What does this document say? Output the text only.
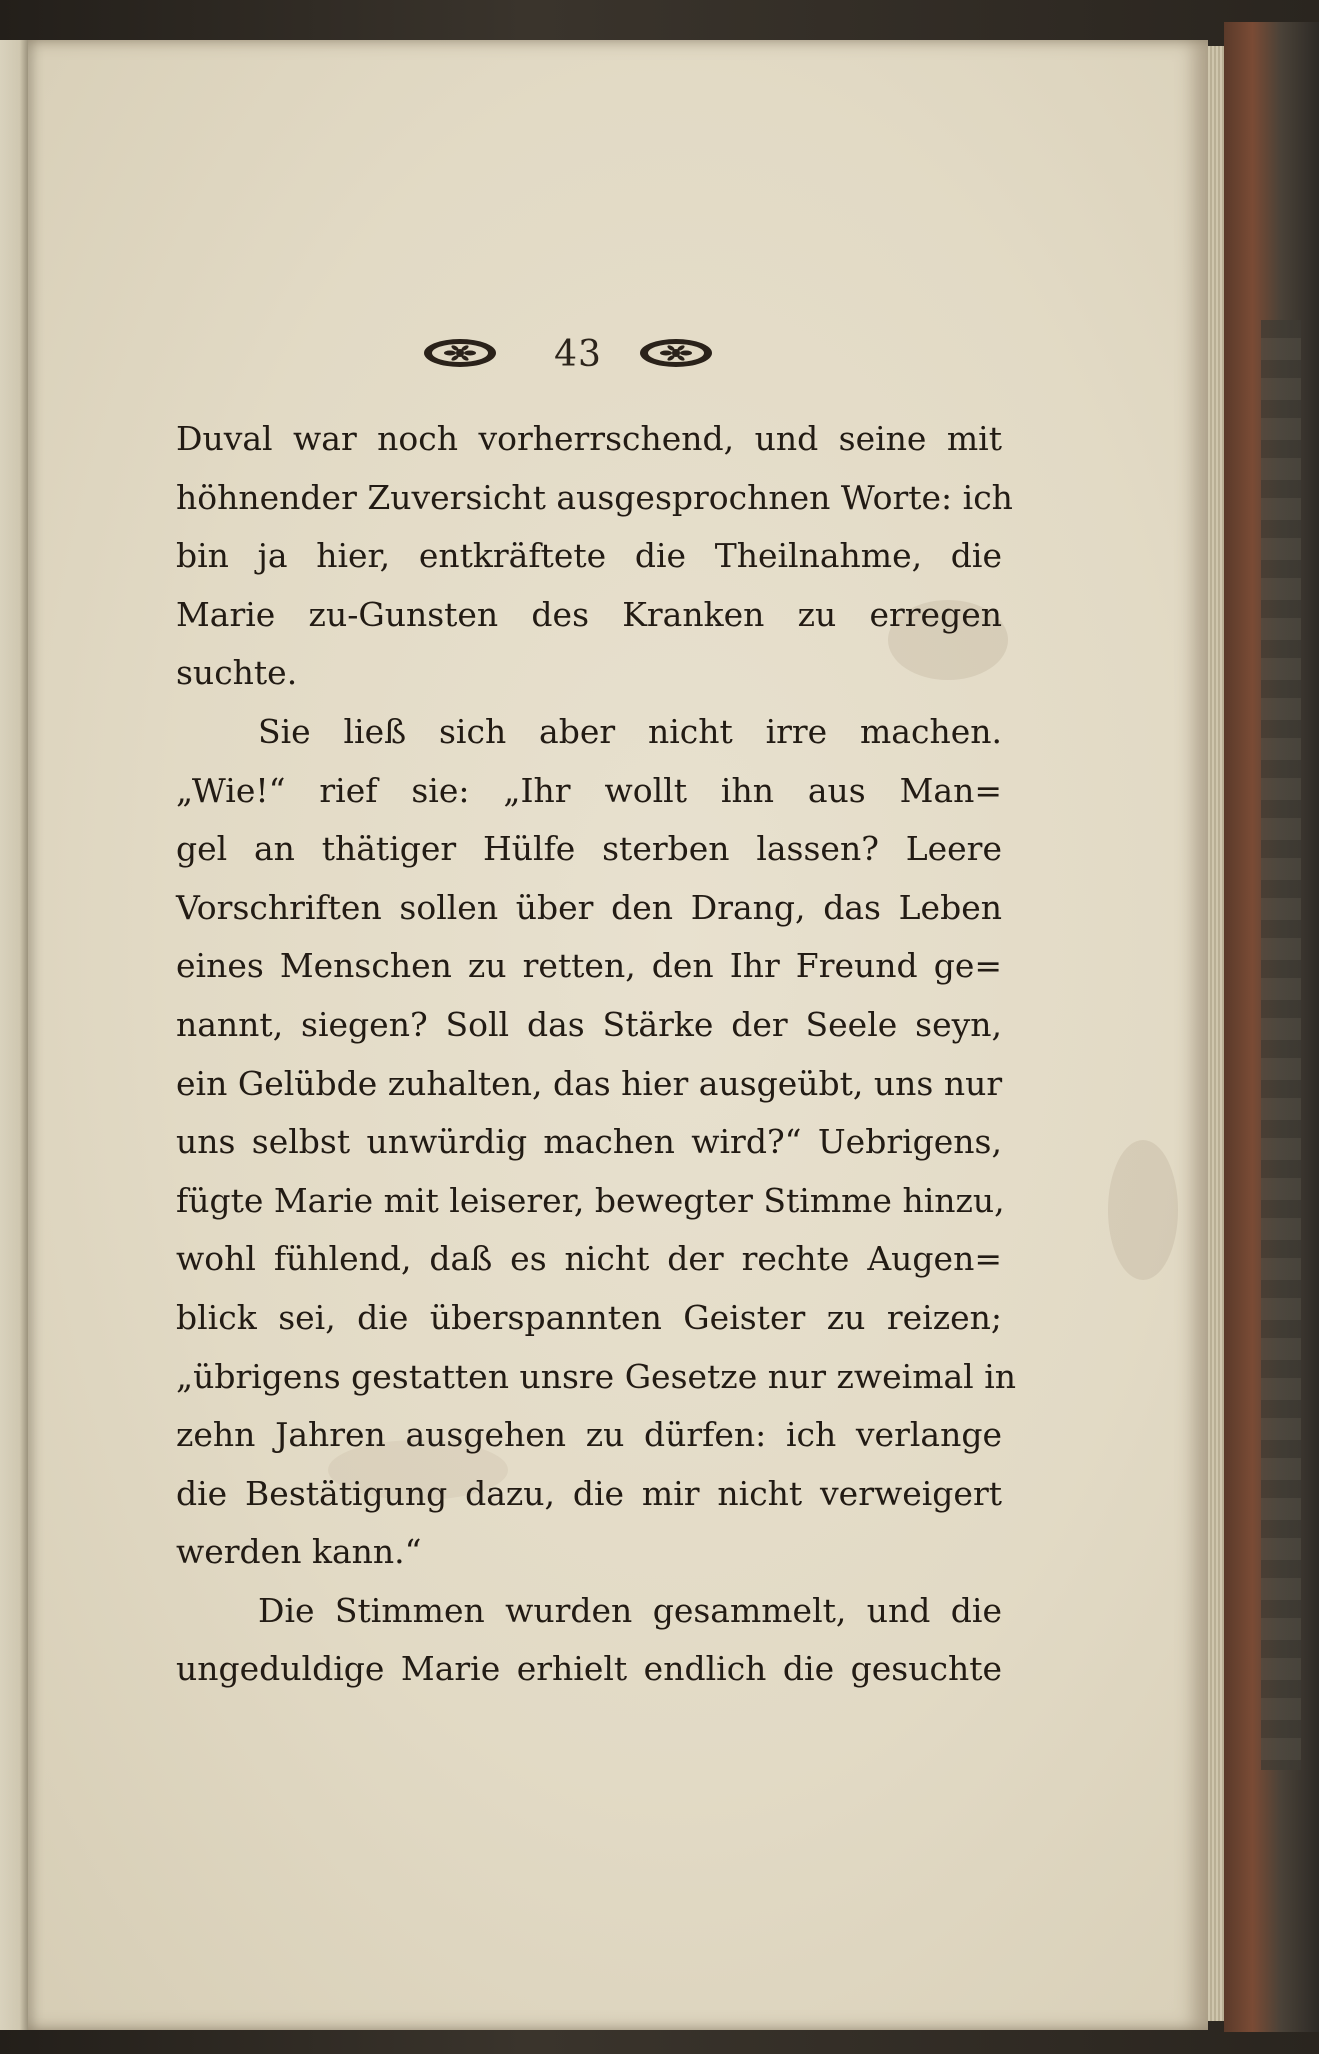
43
Duval war noch vorherrschend, und seine mit
höhnender Zuversicht ausgesprochnen Worte: ich
bin ja hier, entkräftete die Theilnahme, die
Marie zu-Gunsten des Kranken zu erregen
suchte.
Sie ließ sich aber nicht irre machen.
„Wie!“ rief sie: „Ihr wollt ihn aus Man=
gel an thätiger Hülfe sterben lassen? Leere
Vorschriften sollen über den Drang, das Leben
eines Menschen zu retten, den Ihr Freund ge=
nannt, siegen? Soll das Stärke der Seele seyn,
ein Gelübde zuhalten, das hier ausgeübt, uns nur
uns selbst unwürdig machen wird?“ Uebrigens,
fügte Marie mit leiserer, bewegter Stimme hinzu,
wohl fühlend, daß es nicht der rechte Augen=
blick sei, die überspannten Geister zu reizen;
„übrigens gestatten unsre Gesetze nur zweimal in
zehn Jahren ausgehen zu dürfen: ich verlange
die Bestätigung dazu, die mir nicht verweigert
werden kann.“
Die Stimmen wurden gesammelt, und die
ungeduldige Marie erhielt endlich die gesuchte
